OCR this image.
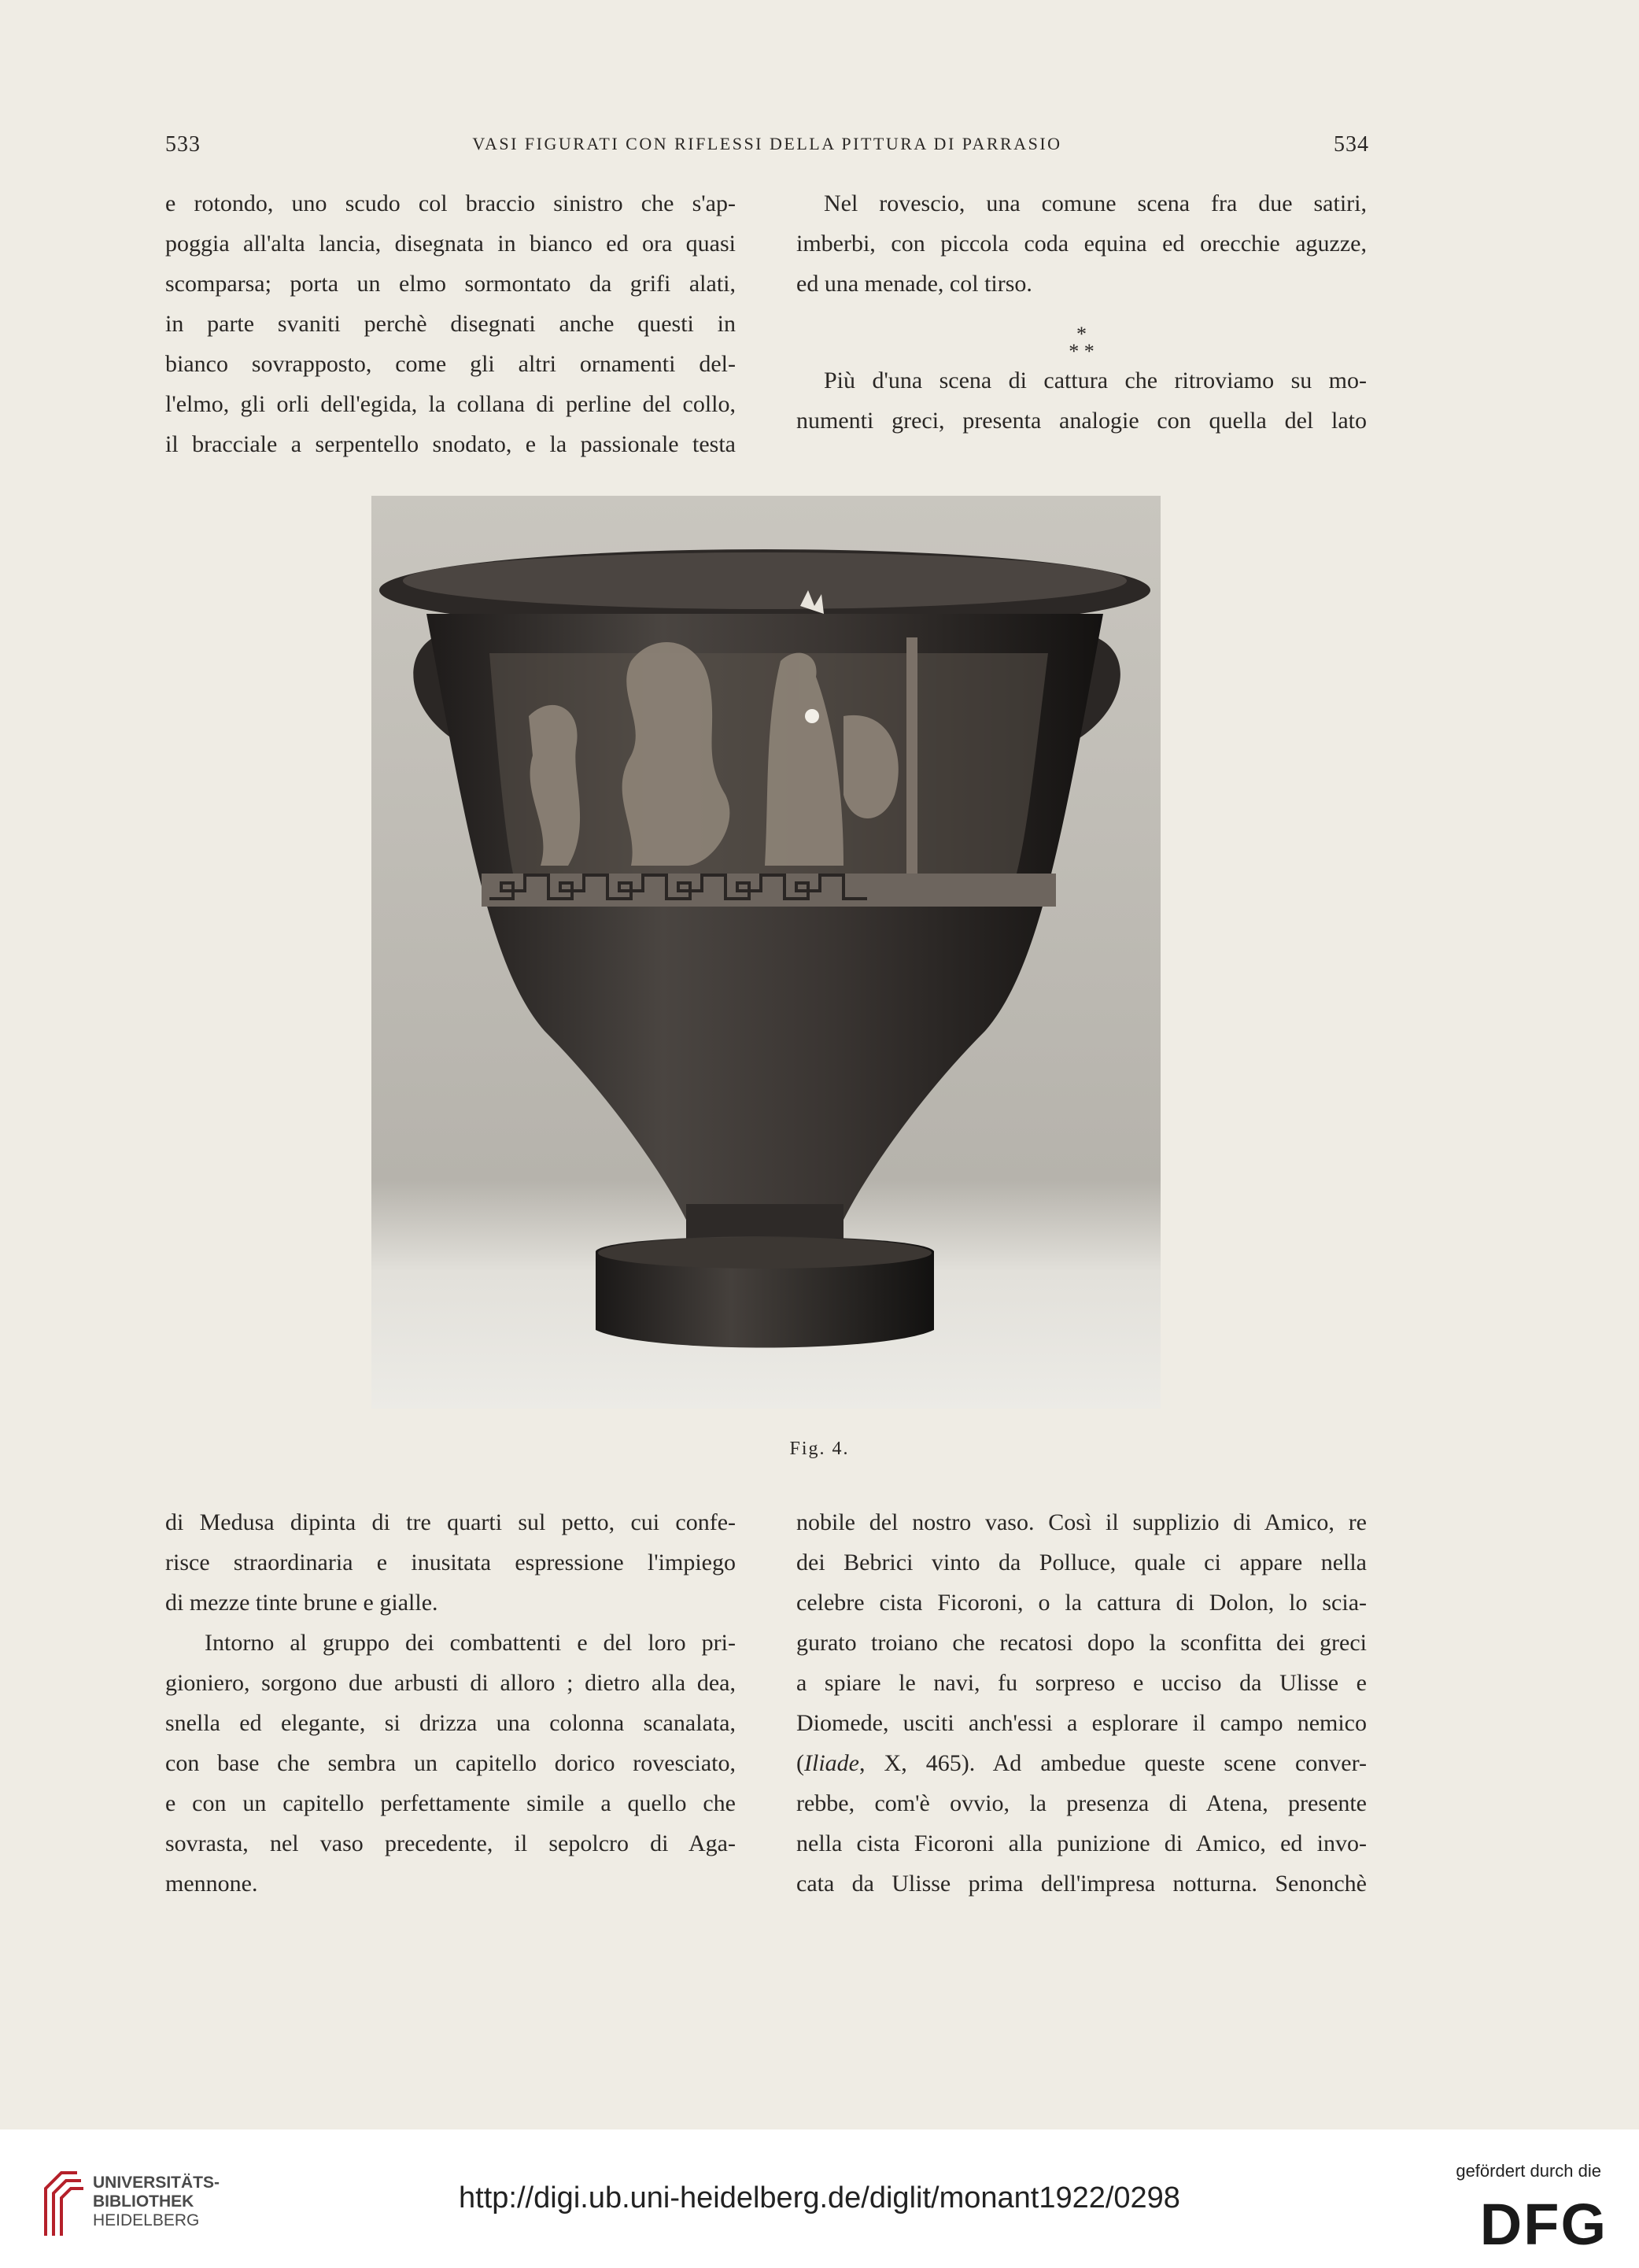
533	VASI FIGURATI CON RIFLESSI DELLA PITTURA DI PARRASIO	534

e rotondo, uno scudo col braccio sinistro che s'ap-

poggia all'alta lancia, disegnata in bianco ed ora quasi

scomparsa; porta un elmo sormontato da grifi alati,

in parte svaniti perchè disegnati anche questi in

bianco sovrapposto, come gli altri ornamenti del-

l'elmo, gli orli dell'egida, la collana di perline del collo,

il bracciale a serpentello snodato, e la passionale testa

Nel rovescio, una comune scena fra due satiri,

imberbi, con piccola coda equina ed orecchie aguzze,

ed una menade, col tirso.

*
* *

Più d'una scena di cattura che ritroviamo su mo-

numenti greci, presenta analogie con quella del lato

Fig. 4.

di Medusa dipinta di tre quarti sul petto, cui confe-

risce straordinaria e inusitata espressione l'impiego

di mezze tinte brune e gialle.

Intorno al gruppo dei combattenti e del loro pri-

gioniero, sorgono due arbusti di alloro ; dietro alla dea,

snella ed elegante, si drizza una colonna scanalata,

con base che sembra un capitello dorico rovesciato,

e con un capitello perfettamente simile a quello che

sovrasta, nel vaso precedente, il sepolcro di Aga-

mennone.

nobile del nostro vaso. Così il supplizio di Amico, re

dei Bebrici vinto da Polluce, quale ci appare nella

celebre cista Ficoroni, o la cattura di Dolon, lo scia-

gurato troiano che recatosi dopo la sconfitta dei greci

a spiare le navi, fu sorpreso e ucciso da Ulisse e

Diomede, usciti anch'essi a esplorare il campo nemico

(Iliade, X, 465). Ad ambedue queste scene conver-

rebbe, com'è ovvio, la presenza di Atena, presente

nella cista Ficoroni alla punizione di Amico, ed invo-

cata da Ulisse prima dell'impresa notturna. Senonchè

UNIVERSITÄTS-
BIBLIOTHEK
HEIDELBERG
http://digi.ub.uni-heidelberg.de/diglit/monant1922/0298
gefördert durch die
DFG
